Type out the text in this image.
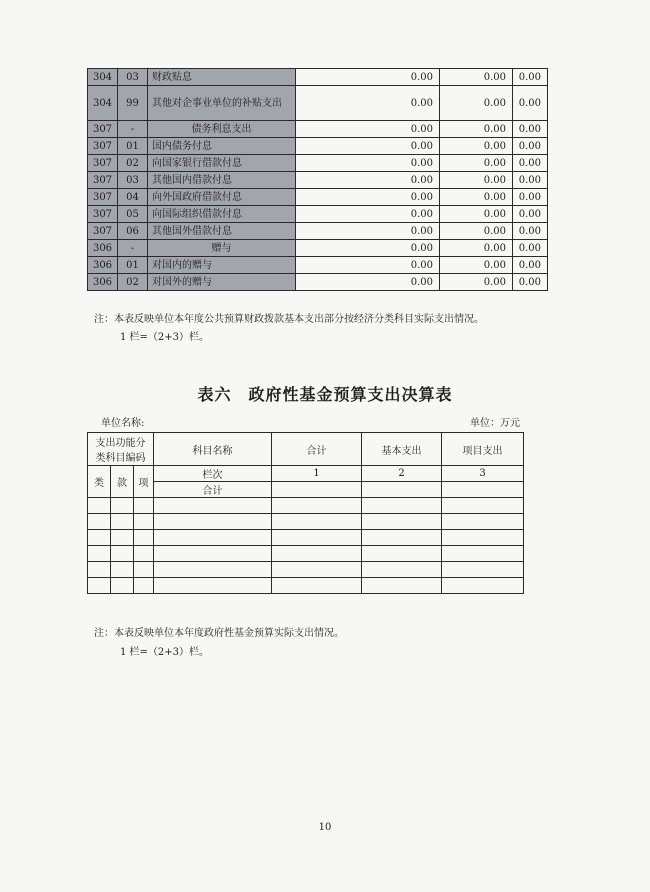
304	03	财政贴息	0.00	0.00	0.00
304	99	其他对企事业单位的补贴支出	0.00	0.00	0.00
307	-	债务利息支出	0.00	0.00	0.00
307	01	国内债务付息	0.00	0.00	0.00
307	02	向国家银行借款付息	0.00	0.00	0.00
307	03	其他国内借款付息	0.00	0.00	0.00
307	04	向外国政府借款付息	0.00	0.00	0.00
307	05	向国际组织借款付息	0.00	0.00	0.00
307	06	其他国外借款付息	0.00	0.00	0.00
306	-	赠与	0.00	0.00	0.00
306	01	对国内的赠与	0.00	0.00	0.00
306	02	对国外的赠与	0.00	0.00	0.00
注：本表反映单位本年度公共预算财政拨款基本支出部分按经济分类科目实际支出情况。
1 栏=（2+3）栏。
表六　政府性基金预算支出决算表
单位名称:	单位：万元
支出功能分类科目编码			科目名称	合计	基本支出	项目支出
类	款	项	栏次	1	2	3
			合计			

注：本表反映单位本年度政府性基金预算实际支出情况。
1 栏=（2+3）栏。
10
